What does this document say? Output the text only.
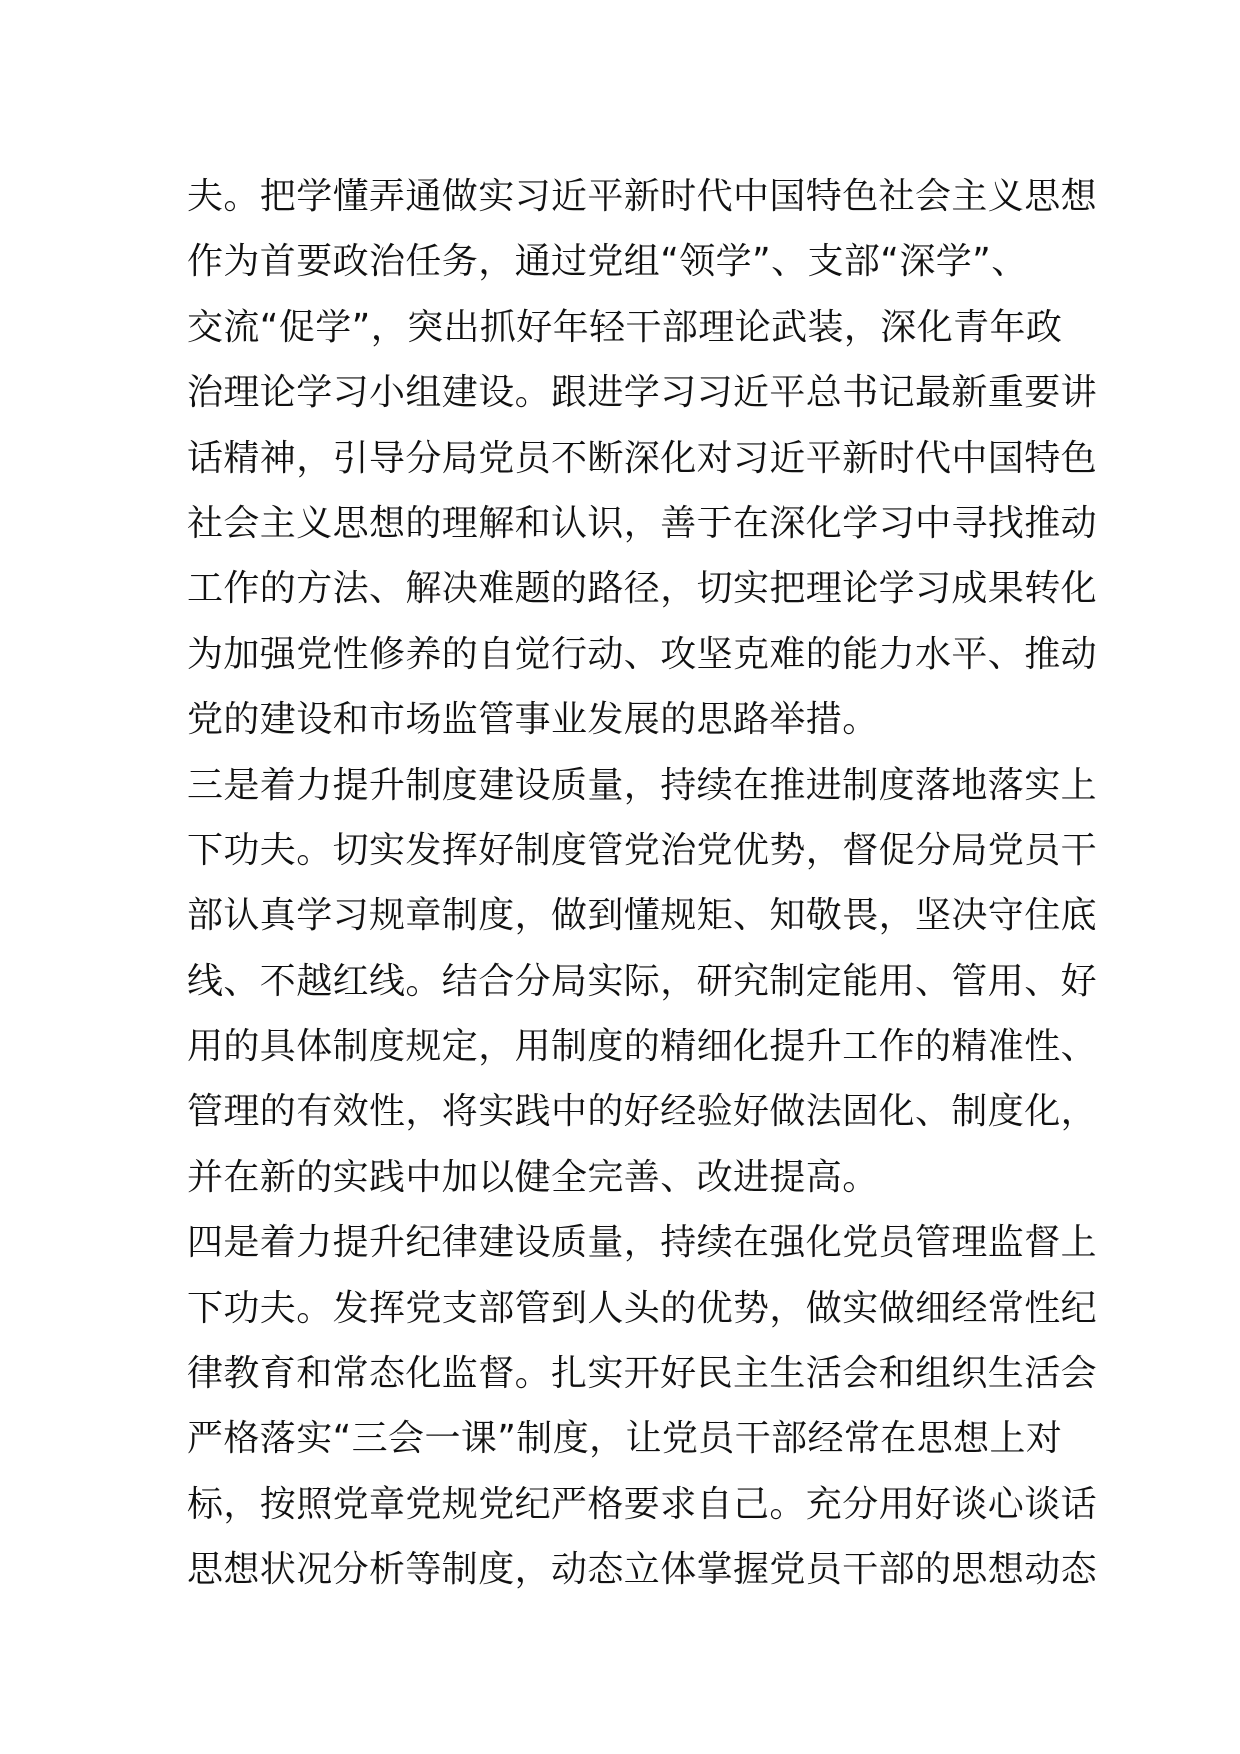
夫。把学懂弄通做实习近平新时代中国特色社会主义思想
作为首要政治任务，通过党组“领学”、支部“深学”、
交流“促学”，突出抓好年轻干部理论武装，深化青年政
治理论学习小组建设。跟进学习习近平总书记最新重要讲
话精神，引导分局党员不断深化对习近平新时代中国特色
社会主义思想的理解和认识，善于在深化学习中寻找推动
工作的方法、解决难题的路径，切实把理论学习成果转化
为加强党性修养的自觉行动、攻坚克难的能力水平、推动
党的建设和市场监管事业发展的思路举措。
三是着力提升制度建设质量，持续在推进制度落地落实上
下功夫。切实发挥好制度管党治党优势，督促分局党员干
部认真学习规章制度，做到懂规矩、知敬畏，坚决守住底
线、不越红线。结合分局实际，研究制定能用、管用、好
用的具体制度规定，用制度的精细化提升工作的精准性、
管理的有效性，将实践中的好经验好做法固化、制度化，
并在新的实践中加以健全完善、改进提高。
四是着力提升纪律建设质量，持续在强化党员管理监督上
下功夫。发挥党支部管到人头的优势，做实做细经常性纪
律教育和常态化监督。扎实开好民主生活会和组织生活会
严格落实“三会一课”制度，让党员干部经常在思想上对
标，按照党章党规党纪严格要求自己。充分用好谈心谈话
思想状况分析等制度，动态立体掌握党员干部的思想动态
